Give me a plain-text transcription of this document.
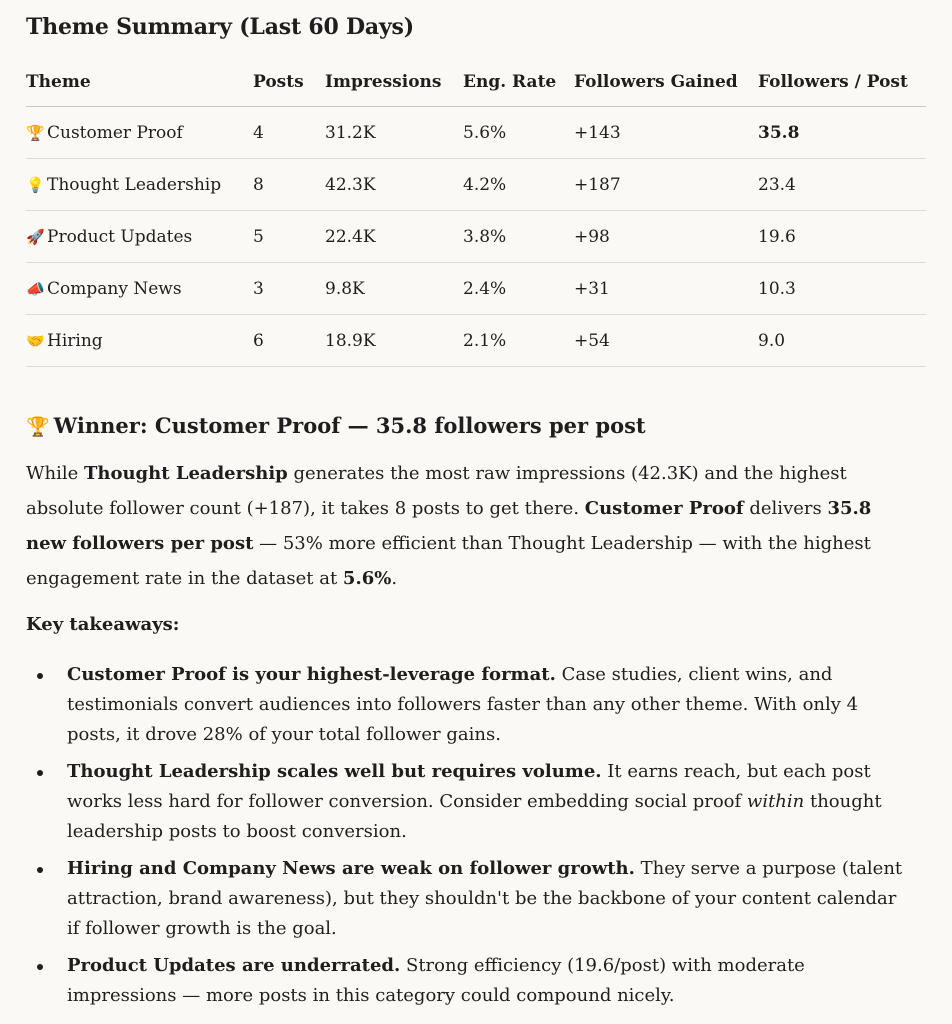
Theme Summary (Last 60 Days)
Theme	Posts	Impressions	Eng. Rate	Followers Gained	Followers / Post
🏆 Customer Proof	4	31.2K	5.6%	+143	35.8
💡 Thought Leadership	8	42.3K	4.2%	+187	23.4
🚀 Product Updates	5	22.4K	3.8%	+98	19.6
📣 Company News	3	9.8K	2.4%	+31	10.3
🤝 Hiring	6	18.9K	2.1%	+54	9.0
🏆 Winner: Customer Proof — 35.8 followers per post

While Thought Leadership generates the most raw impressions (42.3K) and the highest absolute follower count (+187), it takes 8 posts to get there. Customer Proof delivers 35.8 new followers per post — 53% more efficient than Thought Leadership — with the highest engagement rate in the dataset at 5.6%.

Key takeaways:

Customer Proof is your highest-leverage format. Case studies, client wins, and testimonials convert audiences into followers faster than any other theme. With only 4 posts, it drove 28% of your total follower gains.
Thought Leadership scales well but requires volume. It earns reach, but each post works less hard for follower conversion. Consider embedding social proof within thought leadership posts to boost conversion.
Hiring and Company News are weak on follower growth. They serve a purpose (talent attraction, brand awareness), but they shouldn't be the backbone of your content calendar if follower growth is the goal.
Product Updates are underrated. Strong efficiency (19.6/post) with moderate impressions — more posts in this category could compound nicely.
